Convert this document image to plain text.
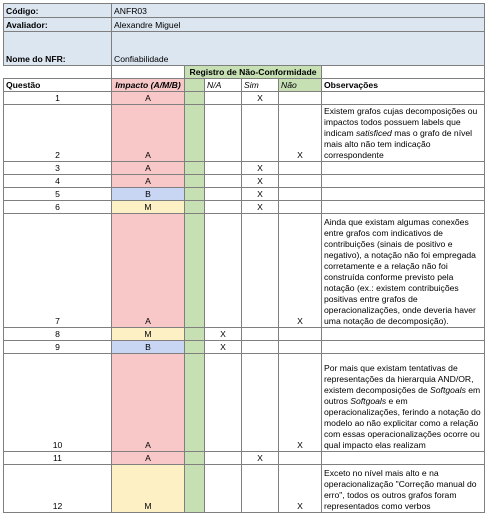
Código:	ANFR03					
Avaliador:	Alexandre Miguel					
Nome do NFR:	Confiabilidade					
		Registro de Não-Conformidade				
Questão	Impacto (A/M/B)		N/A	Sim	Não	Observações
1	A			X		
2	A				X	Existem grafos cujas decomposições ou impactos todos possuem labels que indicam satisficed mas o grafo de nível mais alto não tem indicação correspondente
3	A			X		
4	A			X		
5	B			X		
6	M			X		
7	A				X	Ainda que existam algumas conexões entre grafos com indicativos de contribuições (sinais de positivo e negativo), a notação não foi empregada corretamente e a relação não foi construída conforme previsto pela notação (ex.: existem contribuições positivas entre grafos de operacionalizações, onde deveria haver uma notação de decomposição).
8	M		X			
9	B		X			
10	A				X	Por mais que existam tentativas de representações da hierarquia AND/OR, existem decomposições de Softgoals em outros Softgoals e em operacionalizações, ferindo a notação do modelo ao não explicitar como a relação com essas operacionalizações ocorre ou qual impacto elas realizam
11	A			X		
12	M				X	Exceto no nível mais alto e na operacionalização "Correção manual do erro", todos os outros grafos foram representados como verbos
